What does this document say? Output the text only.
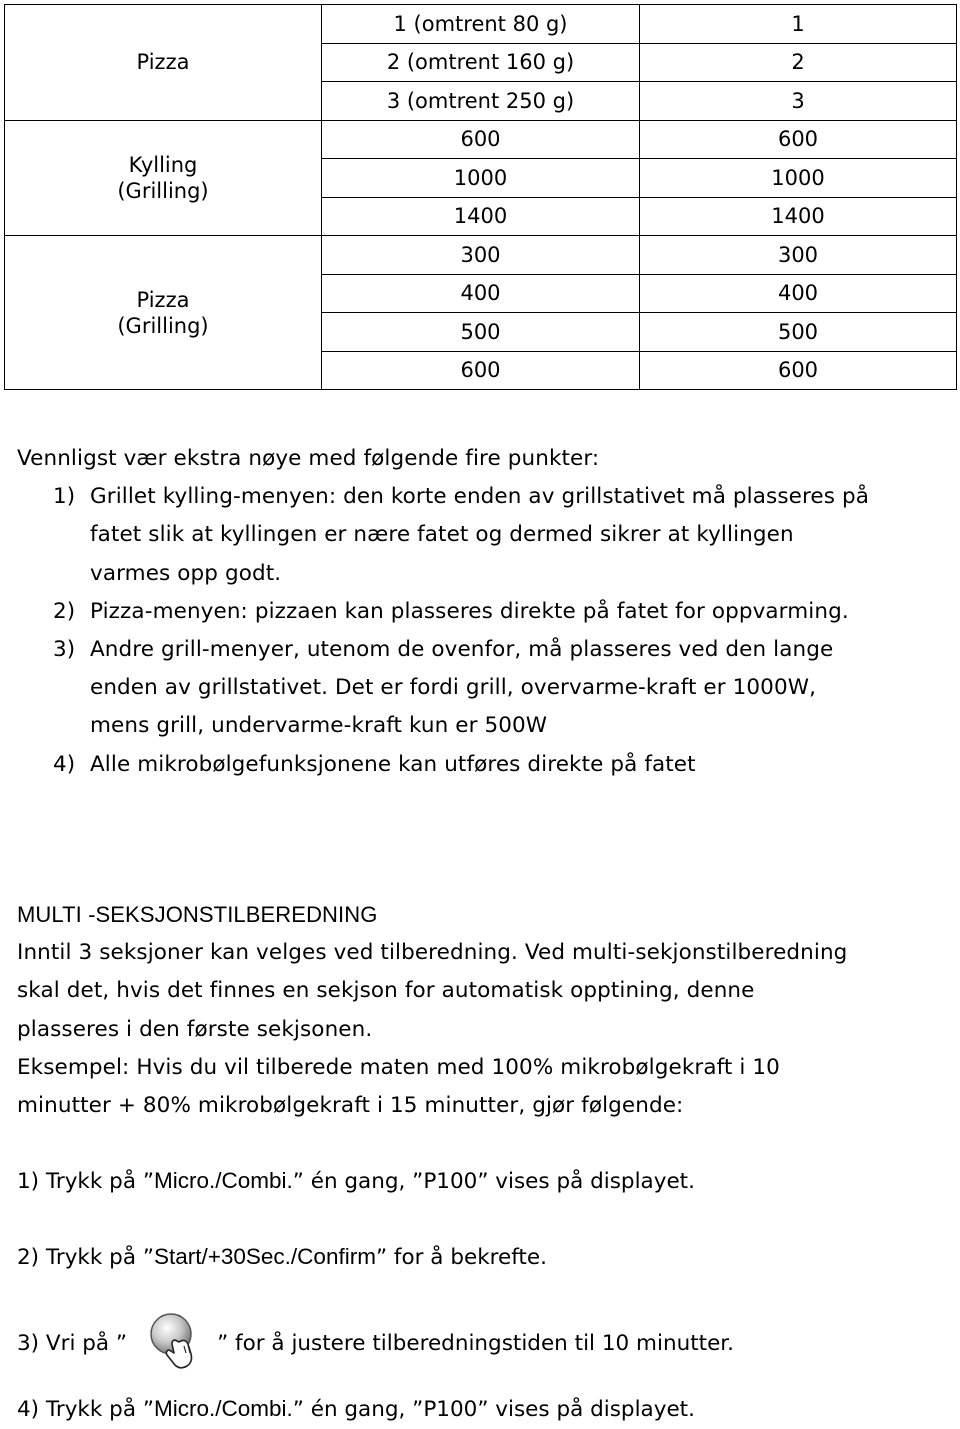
Pizza	1 (omtrent 80 g)	1
	2 (omtrent 160 g)	2
	3 (omtrent 250 g)	3

Kylling
(Grilling)	600	600
	1000	1000
	1400	1400

Pizza
(Grilling)	300	300
	400	400
	500	500
	600	600
Vennligst vær ekstra nøye med følgende fire punkter:
1) Grillet kylling-menyen: den korte enden av grillstativet må plasseres på
fatet slik at kyllingen er nære fatet og dermed sikrer at kyllingen
varmes opp godt.
2) Pizza-menyen: pizzaen kan plasseres direkte på fatet for oppvarming.
3) Andre grill-menyer, utenom de ovenfor, må plasseres ved den lange
enden av grillstativet. Det er fordi grill, overvarme-kraft er 1000W,
mens grill, undervarme-kraft kun er 500W
4) Alle mikrobølgefunksjonene kan utføres direkte på fatet
MULTI -SEKSJONSTILBEREDNING
Inntil 3 seksjoner kan velges ved tilberedning. Ved multi-sekjonstilberedning
skal det, hvis det finnes en sekjson for automatisk opptining, denne
plasseres i den første sekjsonen.
Eksempel: Hvis du vil tilberede maten med 100% mikrobølgekraft i 10
minutter + 80% mikrobølgekraft i 15 minutter, gjør følgende:
1) Trykk på ”Micro./Combi.” én gang, ”P100” vises på displayet.
2) Trykk på ”Start/+30Sec./Confirm” for å bekrefte.
3) Vri på ”	” for å justere tilberedningstiden til 10 minutter.
4) Trykk på ”Micro./Combi.” én gang, ”P100” vises på displayet.
